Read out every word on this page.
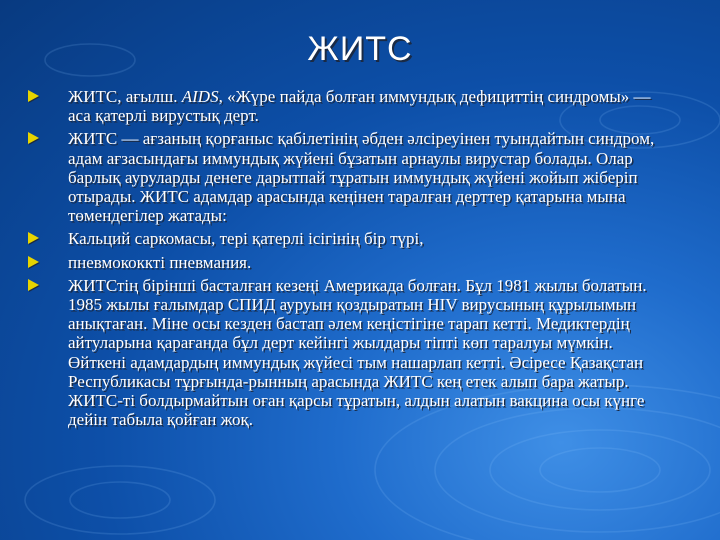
ЖИТС
ЖИТС, ағылш. AIDS, «Жүре пайда болған иммундық дефициттің синдромы» — аса қатерлі вирустық дерт.
ЖИТС — ағзаның қорғаныс қабілетінің әбден әлсіреуінен туындайтын синдром, адам ағзасындағы иммундық жүйені бұзатын арнаулы вирустар болады. Олар барлық ауруларды денеге дарытпай тұратын иммундық жүйені жойып жіберіп отырады. ЖИТС адамдар арасында кеңінен таралған дерттер қатарына мына төмендегілер жатады:
Кальций саркомасы, тері қатерлі ісігінің бір түрі,
пневмококкті пневмания.
ЖИТСтің бірінші басталған кезеңі Америкада болған. Бұл 1981 жылы болатын. 1985 жылы ғалымдар СПИД ауруын қоздыратын HIV вирусының құрылымын анықтаған. Міне осы кезден бастап әлем кеңістігіне тарап кетті. Медиктердің айтуларына қарағанда бұл дерт кейінгі жылдары тіпті көп таралуы мүмкін. Өйткені адамдардың иммундық жүйесі тым нашарлап кетті. Әсіресе Қазақстан Республикасы тұрғында-рынның арасында ЖИТС кең етек алып бара жатыр. ЖИТС-ті болдырмайтын оған қарсы тұратын, алдын алатын вакцина осы күнге дейін табыла қойған жоқ.
